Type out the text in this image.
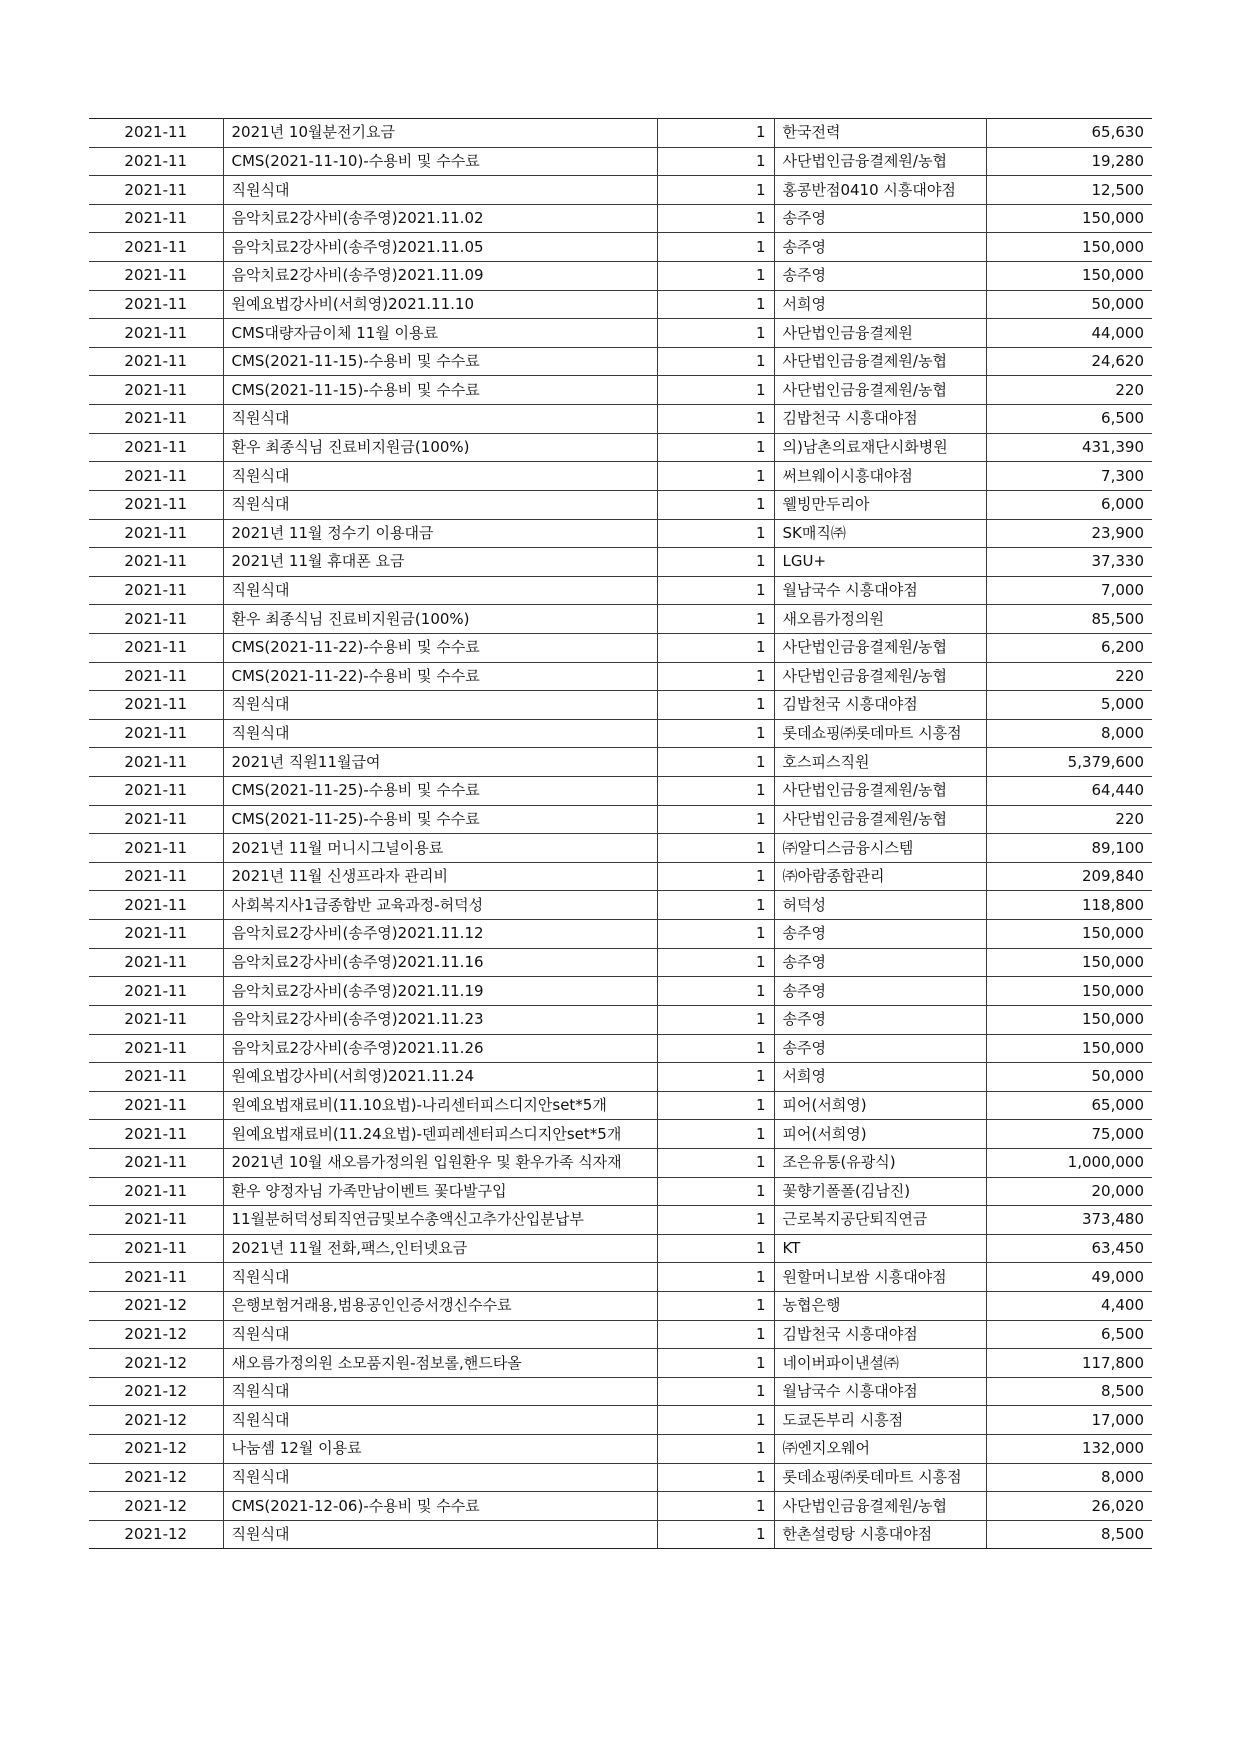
2021-11	2021년 10월분전기요금	1	한국전력	65,630
2021-11	CMS(2021-11-10)-수용비 및 수수료	1	사단법인금융결제원/농협	19,280
2021-11	직원식대	1	홍콩반점0410 시흥대야점	12,500
2021-11	음악치료2강사비(송주영)2021.11.02	1	송주영	150,000
2021-11	음악치료2강사비(송주영)2021.11.05	1	송주영	150,000
2021-11	음악치료2강사비(송주영)2021.11.09	1	송주영	150,000
2021-11	원예요법강사비(서희영)2021.11.10	1	서희영	50,000
2021-11	CMS대량자금이체 11월 이용료	1	사단법인금융결제원	44,000
2021-11	CMS(2021-11-15)-수용비 및 수수료	1	사단법인금융결제원/농협	24,620
2021-11	CMS(2021-11-15)-수용비 및 수수료	1	사단법인금융결제원/농협	220
2021-11	직원식대	1	김밥천국 시흥대야점	6,500
2021-11	환우 최종식님 진료비지원금(100%)	1	의)남촌의료재단시화병원	431,390
2021-11	직원식대	1	써브웨이시흥대야점	7,300
2021-11	직원식대	1	웰빙만두리아	6,000
2021-11	2021년 11월 정수기 이용대금	1	SK매직㈜	23,900
2021-11	2021년 11월 휴대폰 요금	1	LGU+	37,330
2021-11	직원식대	1	월남국수 시흥대야점	7,000
2021-11	환우 최종식님 진료비지원금(100%)	1	새오름가정의원	85,500
2021-11	CMS(2021-11-22)-수용비 및 수수료	1	사단법인금융결제원/농협	6,200
2021-11	CMS(2021-11-22)-수용비 및 수수료	1	사단법인금융결제원/농협	220
2021-11	직원식대	1	김밥천국 시흥대야점	5,000
2021-11	직원식대	1	롯데쇼핑㈜롯데마트 시흥점	8,000
2021-11	2021년 직원11월급여	1	호스피스직원	5,379,600
2021-11	CMS(2021-11-25)-수용비 및 수수료	1	사단법인금융결제원/농협	64,440
2021-11	CMS(2021-11-25)-수용비 및 수수료	1	사단법인금융결제원/농협	220
2021-11	2021년 11월 머니시그널이용료	1	㈜알디스금융시스템	89,100
2021-11	2021년 11월 신생프라자 관리비	1	㈜아람종합관리	209,840
2021-11	사회복지사1급종합반 교육과정-허덕성	1	허덕성	118,800
2021-11	음악치료2강사비(송주영)2021.11.12	1	송주영	150,000
2021-11	음악치료2강사비(송주영)2021.11.16	1	송주영	150,000
2021-11	음악치료2강사비(송주영)2021.11.19	1	송주영	150,000
2021-11	음악치료2강사비(송주영)2021.11.23	1	송주영	150,000
2021-11	음악치료2강사비(송주영)2021.11.26	1	송주영	150,000
2021-11	원예요법강사비(서희영)2021.11.24	1	서희영	50,000
2021-11	원예요법재료비(11.10요법)-나리센터피스디지안set*5개	1	피어(서희영)	65,000
2021-11	원예요법재료비(11.24요법)-덴피레센터피스디지안set*5개	1	피어(서희영)	75,000
2021-11	2021년 10월 새오름가정의원 입원환우 및 환우가족 식자재	1	조은유통(유광식)	1,000,000
2021-11	환우 양정자님 가족만남이벤트 꽃다발구입	1	꽃향기폴폴(김남진)	20,000
2021-11	11월분허덕성퇴직연금및보수총액신고추가산입분납부	1	근로복지공단퇴직연금	373,480
2021-11	2021년 11월 전화,팩스,인터넷요금	1	KT	63,450
2021-11	직원식대	1	원할머니보쌈 시흥대야점	49,000
2021-12	은행보험거래용,범용공인인증서갱신수수료	1	농협은행	4,400
2021-12	직원식대	1	김밥천국 시흥대야점	6,500
2021-12	새오름가정의원 소모품지원-점보롤,핸드타올	1	네이버파이낸셜㈜	117,800
2021-12	직원식대	1	월남국수 시흥대야점	8,500
2021-12	직원식대	1	도쿄돈부리 시흥점	17,000
2021-12	나눔셈 12월 이용료	1	㈜엔지오웨어	132,000
2021-12	직원식대	1	롯데쇼핑㈜롯데마트 시흥점	8,000
2021-12	CMS(2021-12-06)-수용비 및 수수료	1	사단법인금융결제원/농협	26,020
2021-12	직원식대	1	한촌설렁탕 시흥대야점	8,500
